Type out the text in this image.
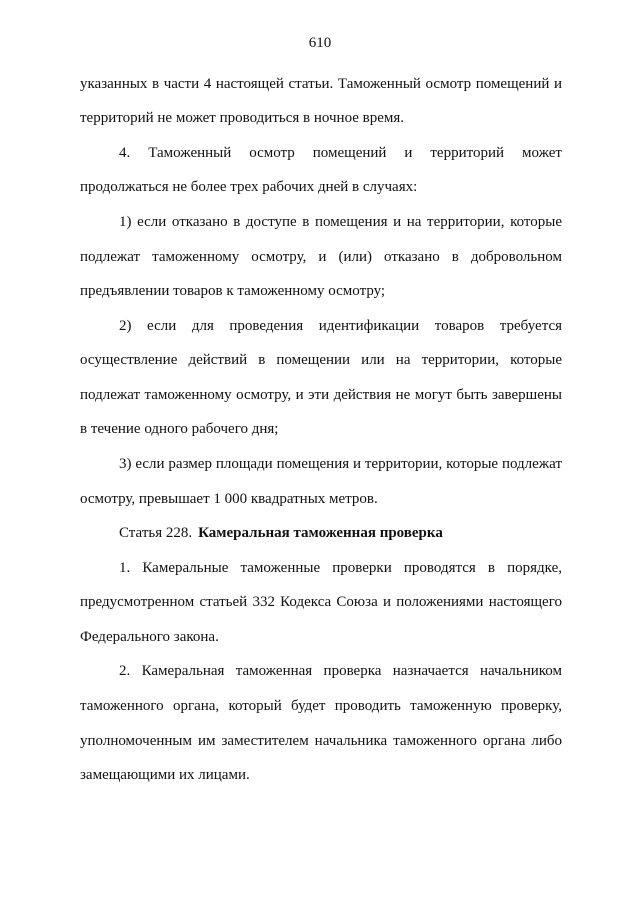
610
указанных в части 4 настоящей статьи. Таможенный осмотр помещений и
территорий не может проводиться в ночное время.
4. Таможенный осмотр помещений и территорий может
продолжаться не более трех рабочих дней в случаях:
1) если отказано в доступе в помещения и на территории, которые
подлежат таможенному осмотру, и (или) отказано в добровольном
предъявлении товаров к таможенному осмотру;
2) если для проведения идентификации товаров требуется
осуществление действий в помещении или на территории, которые
подлежат таможенному осмотру, и эти действия не могут быть завершены
в течение одного рабочего дня;
3) если размер площади помещения и территории, которые подлежат
осмотру, превышает 1 000 квадратных метров.
Статья 228. Камеральная таможенная проверка
1. Камеральные таможенные проверки проводятся в порядке,
предусмотренном статьей 332 Кодекса Союза и положениями настоящего
Федерального закона.
2. Камеральная таможенная проверка назначается начальником
таможенного органа, который будет проводить таможенную проверку,
уполномоченным им заместителем начальника таможенного органа либо
замещающими их лицами.
